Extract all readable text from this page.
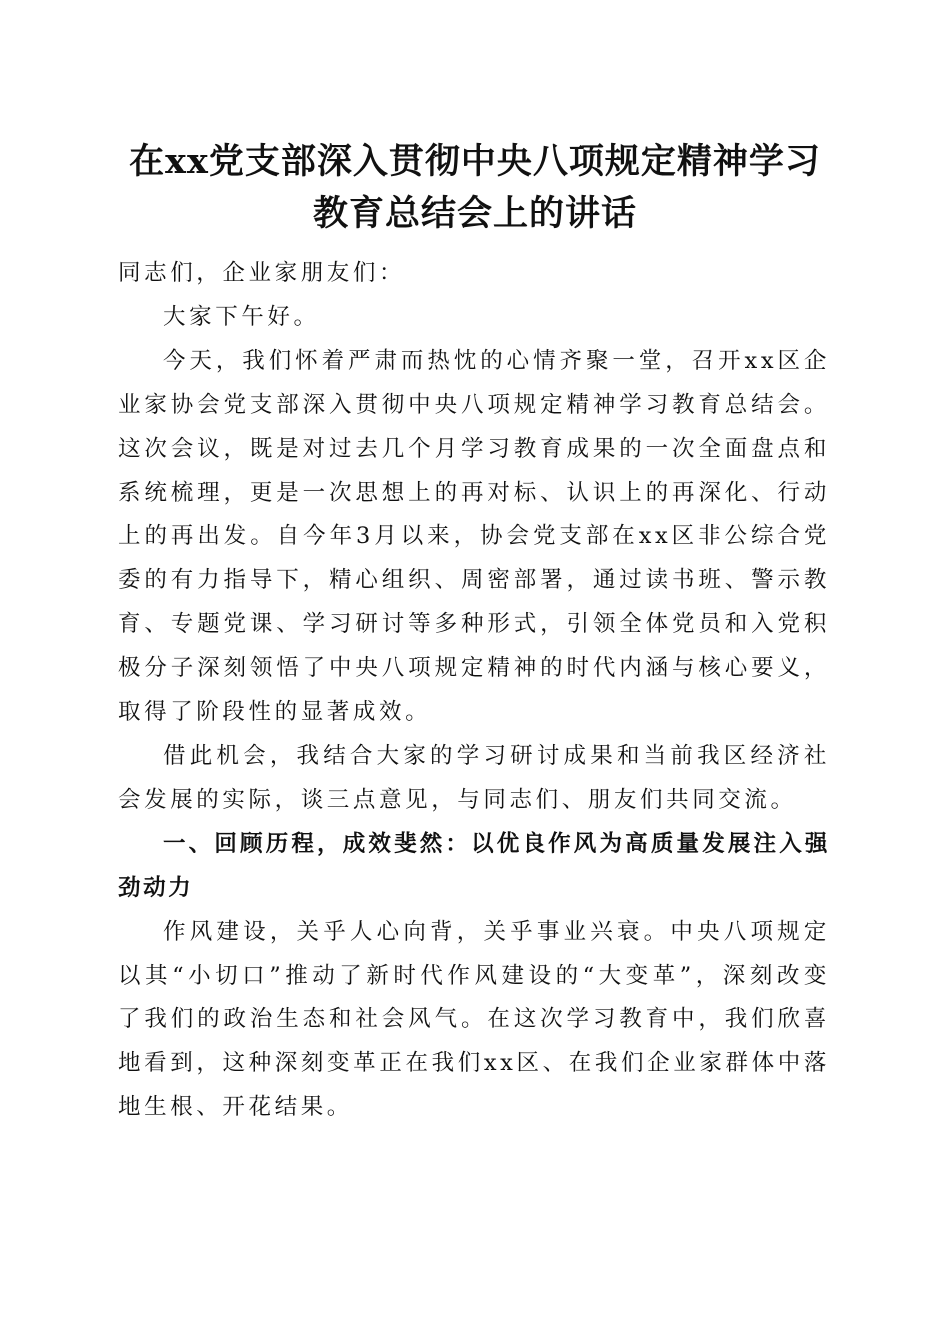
在xx党支部深入贯彻中央八项规定精神学习
教育总结会上的讲话

同志们，企业家朋友们：

大家下午好。

今天，我们怀着严肃而热忱的心情齐聚一堂，召开xx区企业家协会党支部深入贯彻中央八项规定精神学习教育总结会。这次会议，既是对过去几个月学习教育成果的一次全面盘点和系统梳理，更是一次思想上的再对标、认识上的再深化、行动上的再出发。自今年3月以来，协会党支部在xx区非公综合党委的有力指导下，精心组织、周密部署，通过读书班、警示教育、专题党课、学习研讨等多种形式，引领全体党员和入党积极分子深刻领悟了中央八项规定精神的时代内涵与核心要义，取得了阶段性的显著成效。

借此机会，我结合大家的学习研讨成果和当前我区经济社会发展的实际，谈三点意见，与同志们、朋友们共同交流。

一、回顾历程，成效斐然：以优良作风为高质量发展注入强劲动力

作风建设，关乎人心向背，关乎事业兴衰。中央八项规定以其“小切口”推动了新时代作风建设的“大变革”，深刻改变了我们的政治生态和社会风气。在这次学习教育中，我们欣喜地看到，这种深刻变革正在我们xx区、在我们企业家群体中落地生根、开花结果。
